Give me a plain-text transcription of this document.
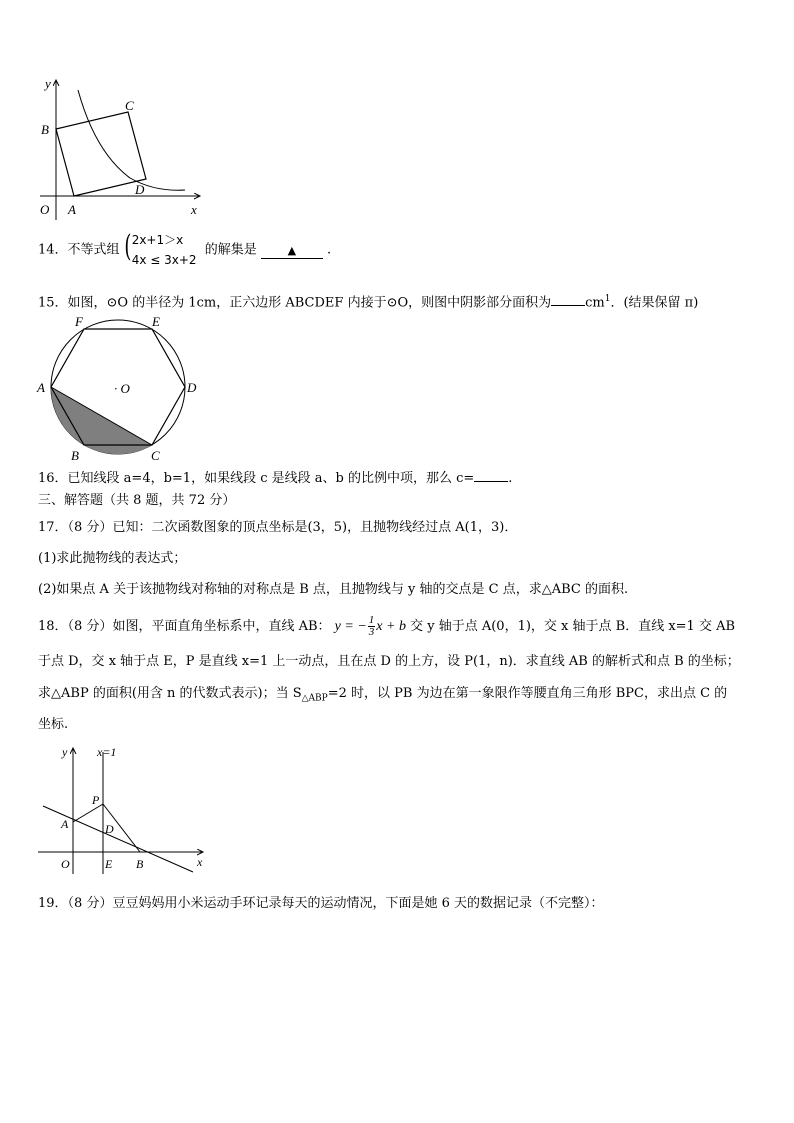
y
B
C
D
O A	x
14．不等式组
( 2x+1＞x
4x ≤ 3x+2
的解集是	▲ .
15．如图，⊙O 的半径为 1cm，正六边形 ABCDEF 内接于⊙O，则图中阴影部分面积为	$cm^1$．(结果保留 π)
F	E
A	D
· O
B	C
16．已知线段 a=4，b=1，如果线段 c 是线段 a、b 的比例中项，那么 c=	.
三、解答题（共 8 题，共 72 分）
17．（8 分）已知：二次函数图象的顶点坐标是(3，5)，且抛物线经过点 A(1，3)．
(1)求此抛物线的表达式；
(2)如果点 A 关于该抛物线对称轴的对称点是 B 点，且抛物线与 y 轴的交点是 C 点，求△ABC 的面积.
18．（8 分）如图，平面直角坐标系中，直线 AB： y = − $\frac{1}{3}$ x + b 交 y 轴于点 A(0，1)，交 x 轴于点 B．直线 x=1 交 AB
于点 D，交 x 轴于点 E，P 是直线 x=1 上一动点，且在点 D 的上方，设 P(1，n)．求直线 AB 的解析式和点 B 的坐标；
求△ABP 的面积(用含 n 的代数式表示)；当 $S_{\triangle ABP}=2$ 时，以 PB 为边在第一象限作等腰直角三角形 BPC，求出点 C 的
坐标.
y x=1
P
A	D
O	E B	x
19．（8 分）豆豆妈妈用小米运动手环记录每天的运动情况，下面是她 6 天的数据记录（不完整）：
